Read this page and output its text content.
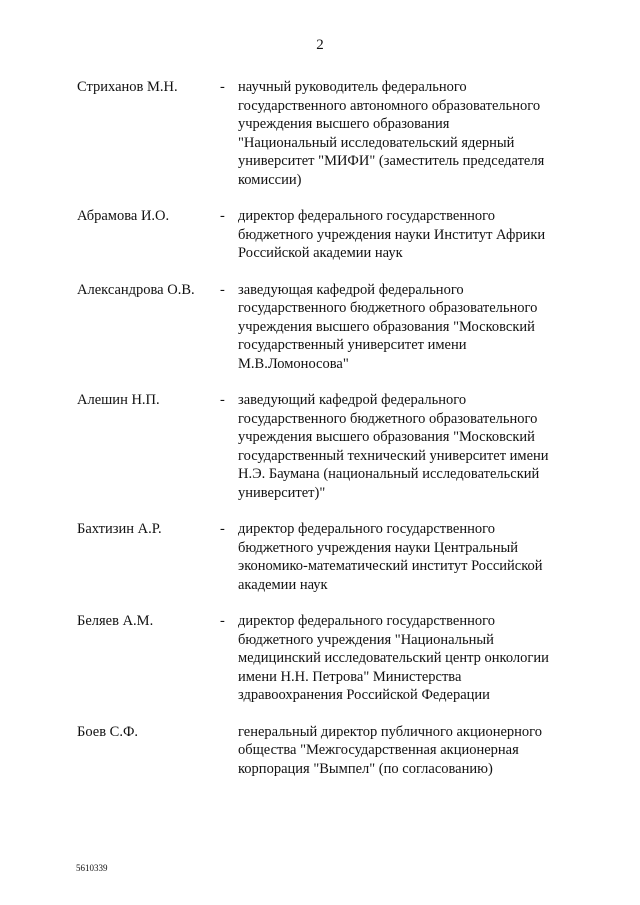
2
Стриханов М.Н.	- научный руководитель федерального
государственного автономного образовательного
учреждения высшего образования
"Национальный исследовательский ядерный
университет "МИФИ" (заместитель председателя
комиссии)
Абрамова И.О.	- директор федерального государственного
бюджетного учреждения науки Институт Африки
Российской академии наук
Александрова О.В. - заведующая кафедрой федерального
государственного бюджетного образовательного
учреждения высшего образования "Московский
государственный университет имени
М.В.Ломоносова"
Алешин Н.П.	- заведующий кафедрой федерального
государственного бюджетного образовательного
учреждения высшего образования "Московский
государственный технический университет имени
Н.Э. Баумана (национальный исследовательский
университет)"
Бахтизин А.Р.	- директор федерального государственного
бюджетного учреждения науки Центральный
экономико-математический институт Российской
академии наук
Беляев А.М.	- директор федерального государственного
бюджетного учреждения "Национальный
медицинский исследовательский центр онкологии
имени Н.Н. Петрова" Министерства
здравоохранения Российской Федерации
Боев С.Ф.	генеральный директор публичного акционерного
общества "Межгосударственная акционерная
корпорация "Вымпел" (по согласованию)
5610339
